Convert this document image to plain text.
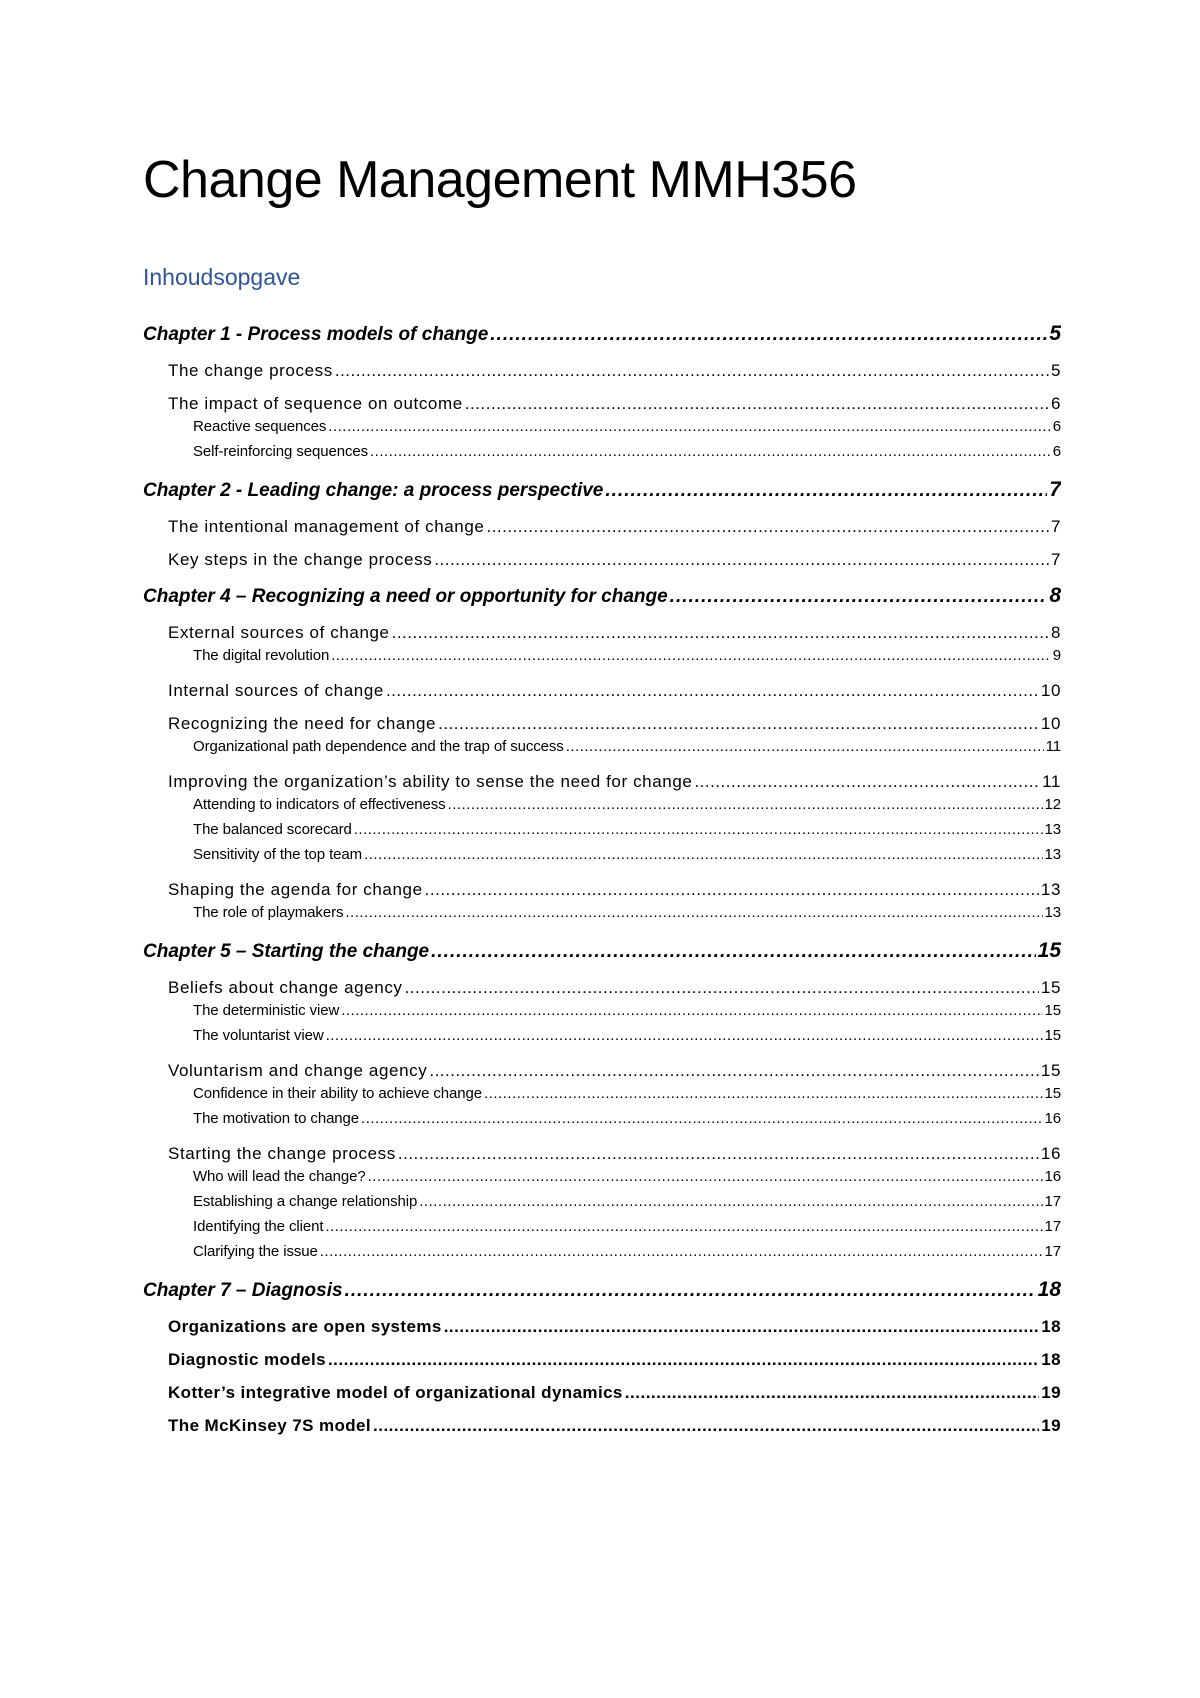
Change Management MMH356
Inhoudsopgave
Chapter 1 - Process models of change .....	5
The change process .....	5
The impact of sequence on outcome .....	6
Reactive sequences .....	6
Self-reinforcing sequences .....	6
Chapter 2 - Leading change: a process perspective .....	7
The intentional management of change .....	7
Key steps in the change process .....	7
Chapter 4 – Recognizing a need or opportunity for change .....	8
External sources of change .....	8
The digital revolution .....	9
Internal sources of change .....	10
Recognizing the need for change .....	10
Organizational path dependence and the trap of success .....	11
Improving the organization’s ability to sense the need for change .....	11
Attending to indicators of effectiveness .....	12
The balanced scorecard .....	13
Sensitivity of the top team .....	13
Shaping the agenda for change .....	13
The role of playmakers .....	13
Chapter 5 – Starting the change .....	15
Beliefs about change agency .....	15
The deterministic view .....	15
The voluntarist view .....	15
Voluntarism and change agency .....	15
Confidence in their ability to achieve change .....	15
The motivation to change .....	16
Starting the change process .....	16
Who will lead the change? .....	16
Establishing a change relationship .....	17
Identifying the client .....	17
Clarifying the issue .....	17
Chapter 7 – Diagnosis .....	18
Organizations are open systems .....	18
Diagnostic models .....	18
Kotter’s integrative model of organizational dynamics .....	19
The McKinsey 7S model .....	19
